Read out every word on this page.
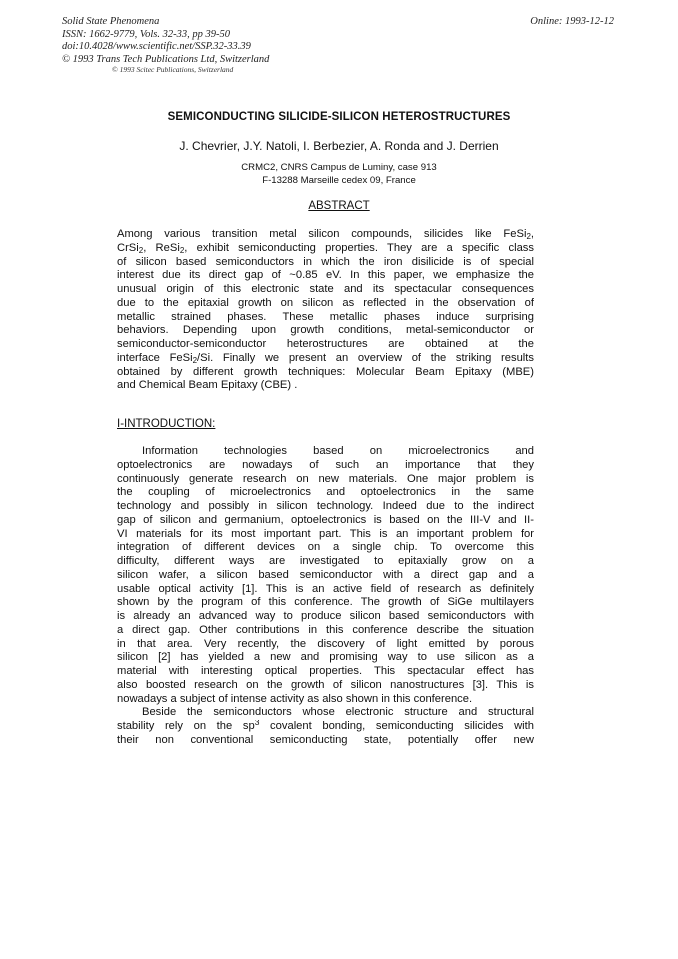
Solid State Phenomena
ISSN: 1662-9779, Vols. 32-33, pp 39-50
doi:10.4028/www.scientific.net/SSP.32-33.39
© 1993 Trans Tech Publications Ltd, Switzerland
Online: 1993-12-12
© 1993 Scitec Publications, Switzerland
SEMICONDUCTING SILICIDE-SILICON HETEROSTRUCTURES
J. Chevrier, J.Y. Natoli, I. Berbezier, A. Ronda and J. Derrien
CRMC2, CNRS Campus de Luminy, case 913
F-13288 Marseille cedex 09, France
ABSTRACT
Among various transition metal silicon compounds, silicides like FeSi$_2$,
CrSi$_2$, ReSi$_2$, exhibit semiconducting properties. They are a specific class
of silicon based semiconductors in which the iron disilicide is of special
interest due its direct gap of ~0.85 eV. In this paper, we emphasize the
unusual origin of this electronic state and its spectacular consequences
due to the epitaxial growth on silicon as reflected in the observation of
metallic strained phases. These metallic phases induce surprising
behaviors. Depending upon growth conditions, metal-semiconductor or
semiconductor-semiconductor heterostructures are obtained at the
interface FeSi$_2$/Si. Finally we present an overview of the striking results
obtained by different growth techniques: Molecular Beam Epitaxy (MBE)
and Chemical Beam Epitaxy (CBE) .
I-INTRODUCTION:
Information technologies based on microelectronics and
optoelectronics are nowadays of such an importance that they
continuously generate research on new materials. One major problem is
the coupling of microelectronics and optoelectronics in the same
technology and possibly in silicon technology. Indeed due to the indirect
gap of silicon and germanium, optoelectronics is based on the III-V and II-
VI materials for its most important part. This is an important problem for
integration of different devices on a single chip. To overcome this
difficulty, different ways are investigated to epitaxially grow on a
silicon wafer, a silicon based semiconductor with a direct gap and a
usable optical activity [1]. This is an active field of research as definitely
shown by the program of this conference. The growth of SiGe multilayers
is already an advanced way to produce silicon based semiconductors with
a direct gap. Other contributions in this conference describe the situation
in that area. Very recently, the discovery of light emitted by porous
silicon [2] has yielded a new and promising way to use silicon as a
material with interesting optical properties. This spectacular effect has
also boosted research on the growth of silicon nanostructures [3]. This is
nowadays a subject of intense activity as also shown in this conference.
Beside the semiconductors whose electronic structure and structural
stability rely on the $sp^3$ covalent bonding, semiconducting silicides with
their non conventional semiconducting state, potentially offer new
